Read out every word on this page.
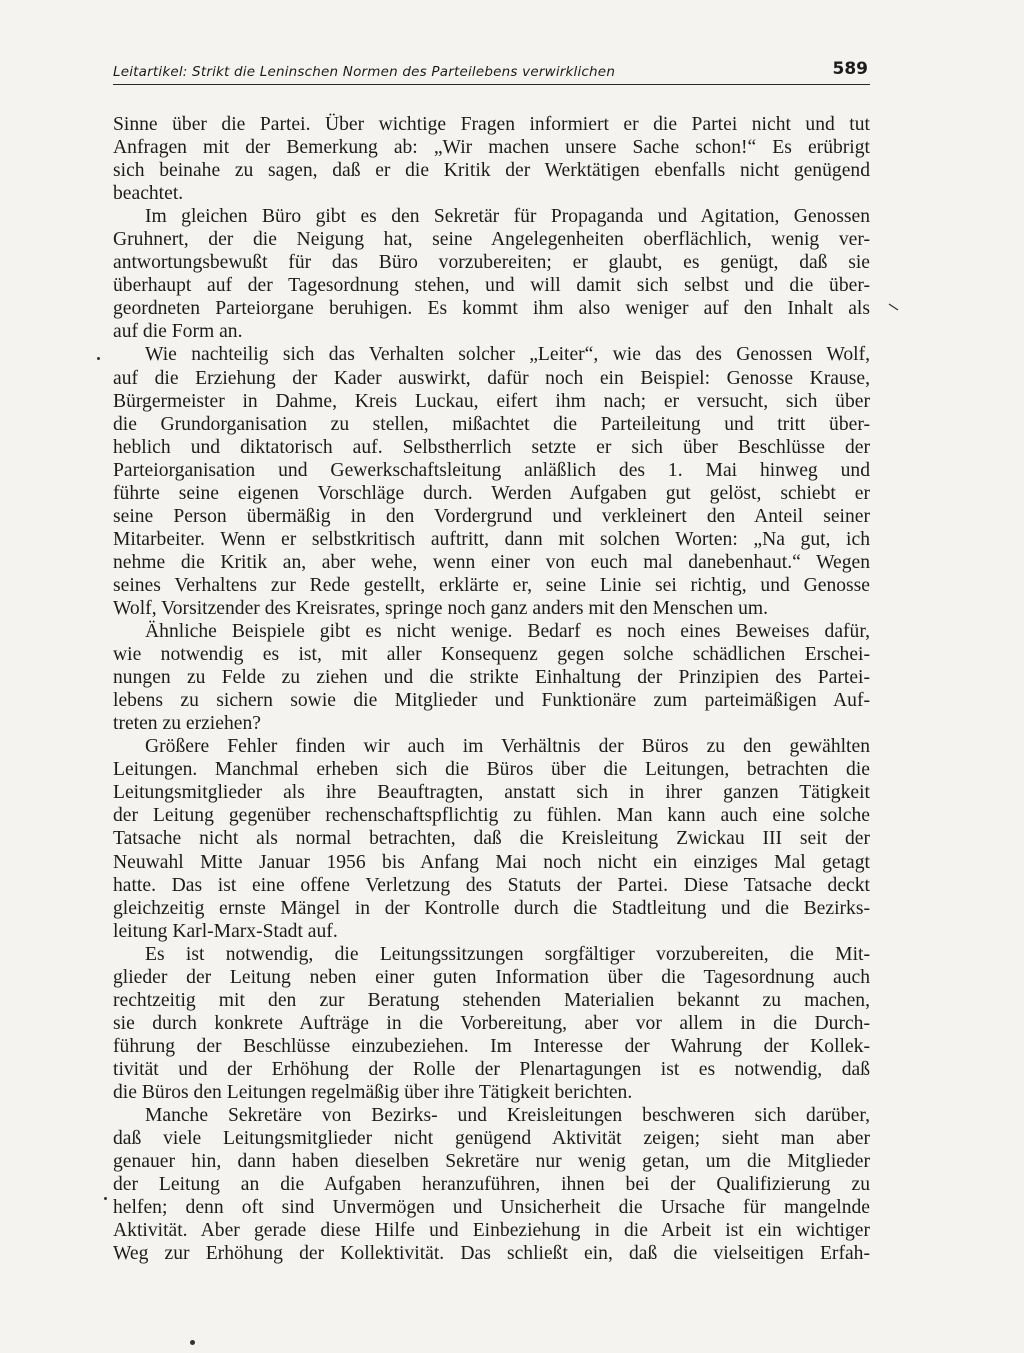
Leitartikel: Strikt die Leninschen Normen des Parteilebens verwirklichen	589
Sinne über die Partei. Über wichtige Fragen informiert er die Partei nicht und tut
Anfragen mit der Bemerkung ab: „Wir machen unsere Sache schon!“ Es erübrigt
sich beinahe zu sagen, daß er die Kritik der Werktätigen ebenfalls nicht genügend
beachtet.
Im gleichen Büro gibt es den Sekretär für Propaganda und Agitation, Genossen
Gruhnert, der die Neigung hat, seine Angelegenheiten oberflächlich, wenig ver-
antwortungsbewußt für das Büro vorzubereiten; er glaubt, es genügt, daß sie
überhaupt auf der Tagesordnung stehen, und will damit sich selbst und die über-
geordneten Parteiorgane beruhigen. Es kommt ihm also weniger auf den Inhalt als
auf die Form an.
Wie nachteilig sich das Verhalten solcher „Leiter“, wie das des Genossen Wolf,
auf die Erziehung der Kader auswirkt, dafür noch ein Beispiel: Genosse Krause,
Bürgermeister in Dahme, Kreis Luckau, eifert ihm nach; er versucht, sich über
die Grundorganisation zu stellen, mißachtet die Parteileitung und tritt über-
heblich und diktatorisch auf. Selbstherrlich setzte er sich über Beschlüsse der
Parteiorganisation und Gewerkschaftsleitung anläßlich des 1. Mai hinweg und
führte seine eigenen Vorschläge durch. Werden Aufgaben gut gelöst, schiebt er
seine Person übermäßig in den Vordergrund und verkleinert den Anteil seiner
Mitarbeiter. Wenn er selbstkritisch auftritt, dann mit solchen Worten: „Na gut, ich
nehme die Kritik an, aber wehe, wenn einer von euch mal danebenhaut.“ Wegen
seines Verhaltens zur Rede gestellt, erklärte er, seine Linie sei richtig, und Genosse
Wolf, Vorsitzender des Kreisrates, springe noch ganz anders mit den Menschen um.
Ähnliche Beispiele gibt es nicht wenige. Bedarf es noch eines Beweises dafür,
wie notwendig es ist, mit aller Konsequenz gegen solche schädlichen Erschei-
nungen zu Felde zu ziehen und die strikte Einhaltung der Prinzipien des Partei-
lebens zu sichern sowie die Mitglieder und Funktionäre zum parteimäßigen Auf-
treten zu erziehen?
Größere Fehler finden wir auch im Verhältnis der Büros zu den gewählten
Leitungen. Manchmal erheben sich die Büros über die Leitungen, betrachten die
Leitungsmitglieder als ihre Beauftragten, anstatt sich in ihrer ganzen Tätigkeit
der Leitung gegenüber rechenschaftspflichtig zu fühlen. Man kann auch eine solche
Tatsache nicht als normal betrachten, daß die Kreisleitung Zwickau III seit der
Neuwahl Mitte Januar 1956 bis Anfang Mai noch nicht ein einziges Mal getagt
hatte. Das ist eine offene Verletzung des Statuts der Partei. Diese Tatsache deckt
gleichzeitig ernste Mängel in der Kontrolle durch die Stadtleitung und die Bezirks-
leitung Karl-Marx-Stadt auf.
Es ist notwendig, die Leitungssitzungen sorgfältiger vorzubereiten, die Mit-
glieder der Leitung neben einer guten Information über die Tagesordnung auch
rechtzeitig mit den zur Beratung stehenden Materialien bekannt zu machen,
sie durch konkrete Aufträge in die Vorbereitung, aber vor allem in die Durch-
führung der Beschlüsse einzubeziehen. Im Interesse der Wahrung der Kollek-
tivität und der Erhöhung der Rolle der Plenartagungen ist es notwendig, daß
die Büros den Leitungen regelmäßig über ihre Tätigkeit berichten.
Manche Sekretäre von Bezirks- und Kreisleitungen beschweren sich darüber,
daß viele Leitungsmitglieder nicht genügend Aktivität zeigen; sieht man aber
genauer hin, dann haben dieselben Sekretäre nur wenig getan, um die Mitglieder
der Leitung an die Aufgaben heranzuführen, ihnen bei der Qualifizierung zu
helfen; denn oft sind Unvermögen und Unsicherheit die Ursache für mangelnde
Aktivität. Aber gerade diese Hilfe und Einbeziehung in die Arbeit ist ein wichtiger
Weg zur Erhöhung der Kollektivität. Das schließt ein, daß die vielseitigen Erfah-
